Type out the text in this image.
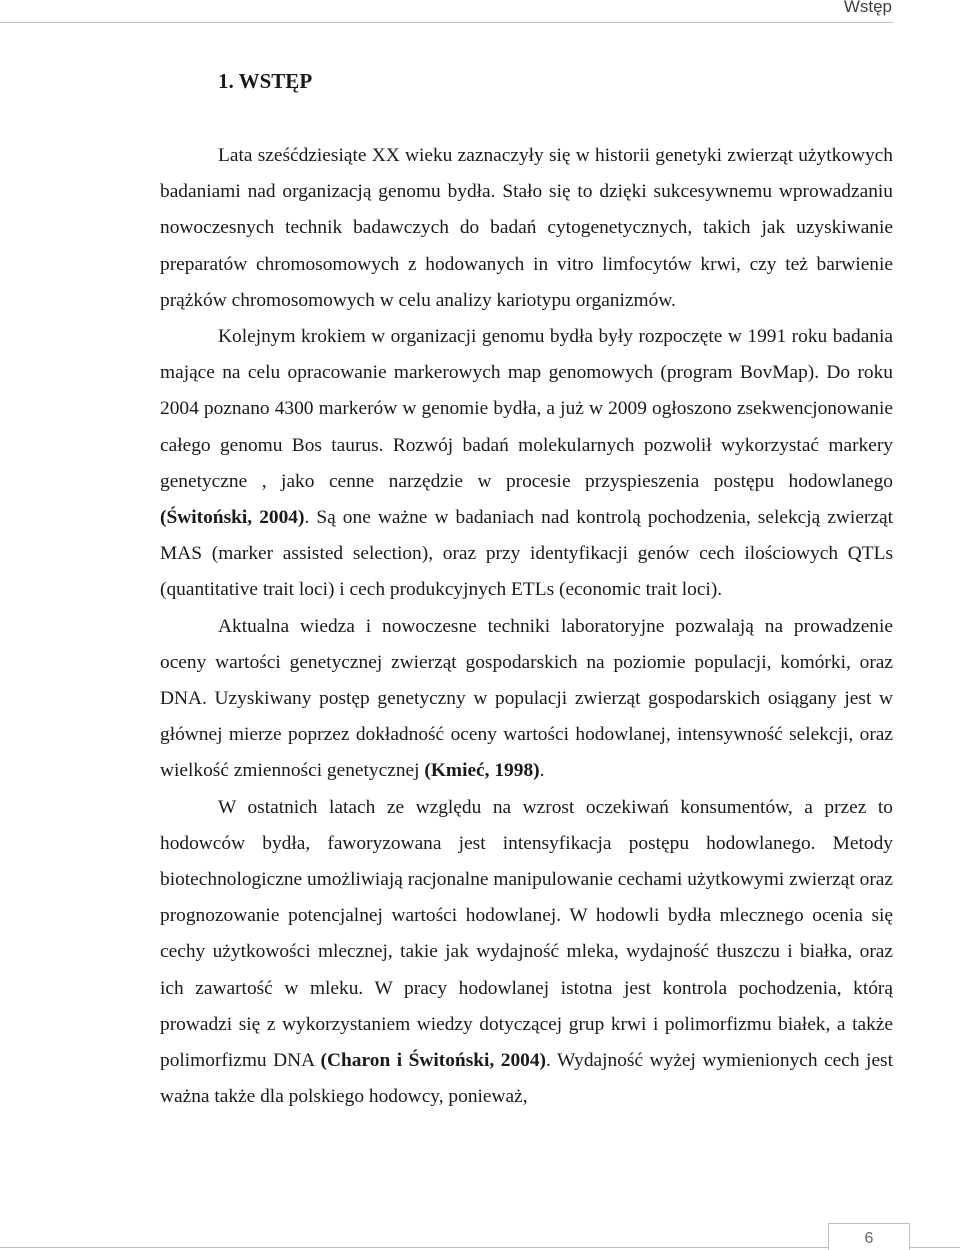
Wstęp
1. WSTĘP

Lata sześćdziesiąte XX wieku zaznaczyły się w historii genetyki zwierząt użytkowych badaniami nad organizacją genomu bydła. Stało się to dzięki sukcesywnemu wprowadzaniu nowoczesnych technik badawczych do badań cytogenetycznych, takich jak uzyskiwanie preparatów chromosomowych z hodowanych in vitro limfocytów krwi, czy też barwienie prążków chromosomowych w celu analizy kariotypu organizmów.

Kolejnym krokiem w organizacji genomu bydła były rozpoczęte w 1991 roku badania mające na celu opracowanie markerowych map genomowych (program BovMap). Do roku 2004 poznano 4300 markerów w genomie bydła, a już w 2009 ogłoszono zsekwencjonowanie całego genomu Bos taurus. Rozwój badań molekularnych pozwolił wykorzystać markery genetyczne , jako cenne narzędzie w procesie przyspieszenia postępu hodowlanego (Świtoński, 2004). Są one ważne w badaniach nad kontrolą pochodzenia, selekcją zwierząt MAS (marker assisted selection), oraz przy identyfikacji genów cech ilościowych QTLs (quantitative trait loci) i cech produkcyjnych ETLs (economic trait loci).

Aktualna wiedza i nowoczesne techniki laboratoryjne pozwalają na prowadzenie oceny wartości genetycznej zwierząt gospodarskich na poziomie populacji, komórki, oraz DNA. Uzyskiwany postęp genetyczny w populacji zwierząt gospodarskich osiągany jest w głównej mierze poprzez dokładność oceny wartości hodowlanej, intensywność selekcji, oraz wielkość zmienności genetycznej (Kmieć, 1998).

W ostatnich latach ze względu na wzrost oczekiwań konsumentów, a przez to hodowców bydła, faworyzowana jest intensyfikacja postępu hodowlanego. Metody biotechnologiczne umożliwiają racjonalne manipulowanie cechami użytkowymi zwierząt oraz prognozowanie potencjalnej wartości hodowlanej. W hodowli bydła mlecznego ocenia się cechy użytkowości mlecznej, takie jak wydajność mleka, wydajność tłuszczu i białka, oraz ich zawartość w mleku. W pracy hodowlanej istotna jest kontrola pochodzenia, którą prowadzi się z wykorzystaniem wiedzy dotyczącej grup krwi i polimorfizmu białek, a także polimorfizmu DNA (Charon i Świtoński, 2004). Wydajność wyżej wymienionych cech jest ważna także dla polskiego hodowcy, ponieważ,

6
